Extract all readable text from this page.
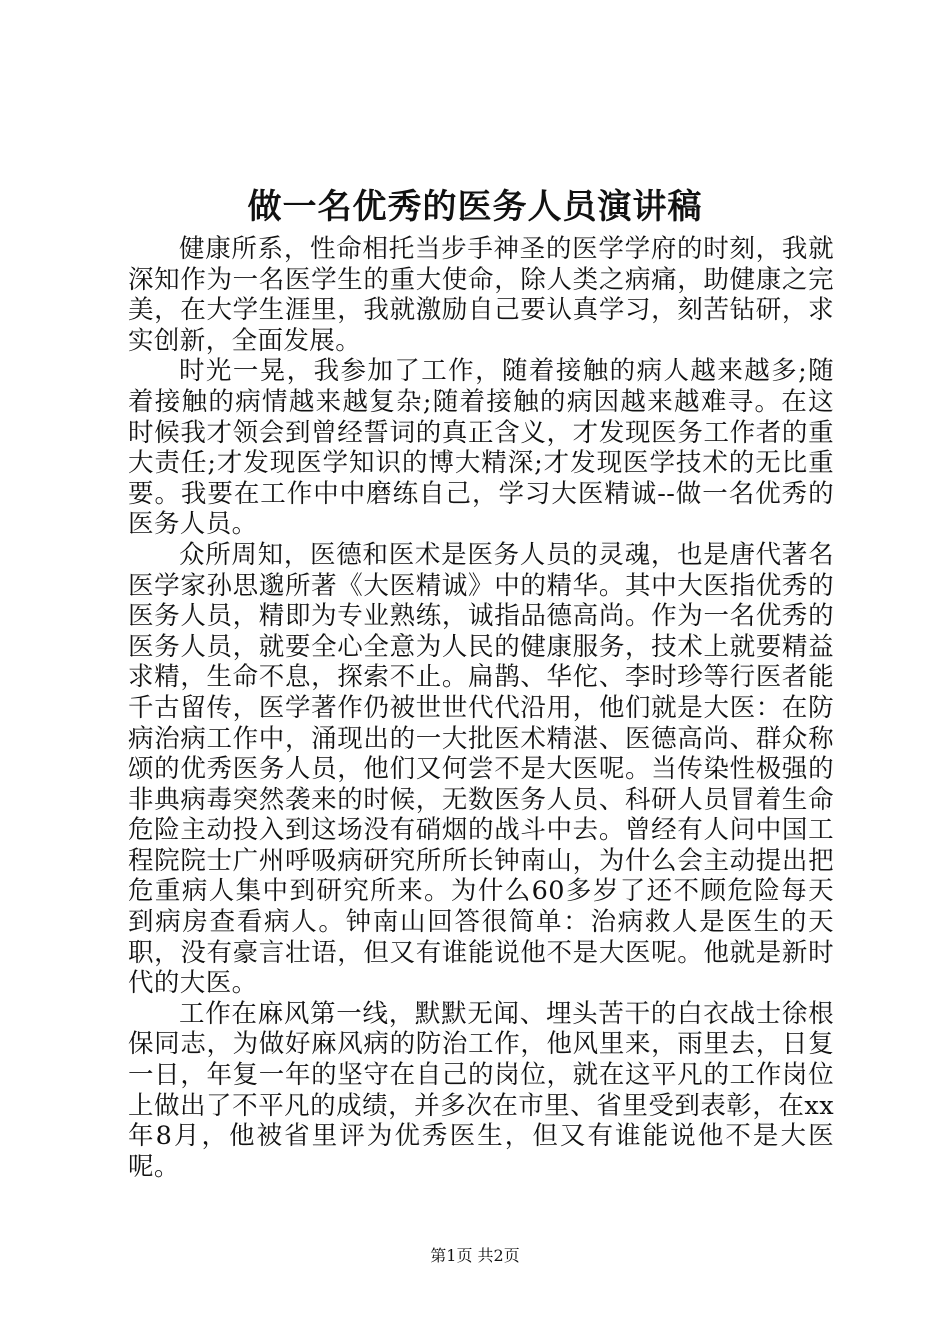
做一名优秀的医务人员演讲稿

健康所系，性命相托当步手神圣的医学学府的时刻，我就深知作为一名医学生的重大使命，除人类之病痛，助健康之完美，在大学生涯里，我就激励自己要认真学习，刻苦钻研，求实创新，全面发展。

时光一晃，我参加了工作，随着接触的病人越来越多;随着接触的病情越来越复杂;随着接触的病因越来越难寻。在这时候我才领会到曾经誓词的真正含义，才发现医务工作者的重大责任;才发现医学知识的博大精深;才发现医学技术的无比重要。我要在工作中中磨练自己，学习大医精诚--做一名优秀的医务人员。

众所周知，医德和医术是医务人员的灵魂，也是唐代著名医学家孙思邈所著《大医精诚》中的精华。其中大医指优秀的医务人员，精即为专业熟练，诚指品德高尚。作为一名优秀的医务人员，就要全心全意为人民的健康服务，技术上就要精益求精，生命不息，探索不止。扁鹊、华佗、李时珍等行医者能千古留传，医学著作仍被世世代代沿用，他们就是大医：在防病治病工作中，涌现出的一大批医术精湛、医德高尚、群众称颂的优秀医务人员，他们又何尝不是大医呢。当传染性极强的非典病毒突然袭来的时候，无数医务人员、科研人员冒着生命危险主动投入到这场没有硝烟的战斗中去。曾经有人问中国工程院院士广州呼吸病研究所所长钟南山，为什么会主动提出把危重病人集中到研究所来。为什么60多岁了还不顾危险每天到病房查看病人。钟南山回答很简单：治病救人是医生的天职，没有豪言壮语，但又有谁能说他不是大医呢。他就是新时代的大医。

工作在麻风第一线，默默无闻、埋头苦干的白衣战士徐根保同志，为做好麻风病的防治工作，他风里来，雨里去，日复一日，年复一年的坚守在自己的岗位，就在这平凡的工作岗位上做出了不平凡的成绩，并多次在市里、省里受到表彰，在xx年8月，他被省里评为优秀医生，但又有谁能说他不是大医呢。

第1页 共2页
